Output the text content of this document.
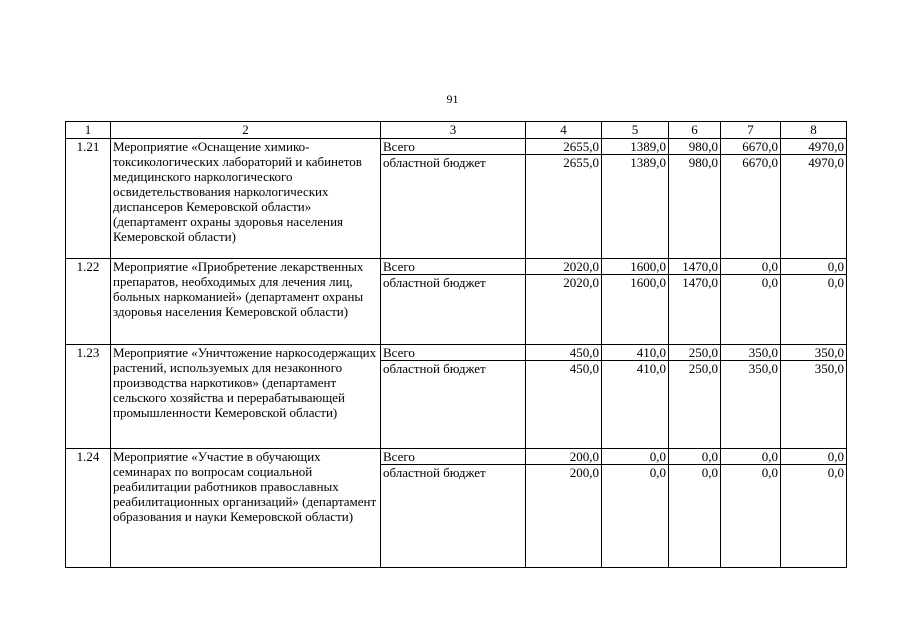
91
1	2	3	4	5	6	7	8
1.21	Мероприятие «Оснащение химико-токсикологических лабораторий и кабинетов медицинского наркологического освидетельствования наркологических диспансеров Кемеровской области» (департамент охраны здоровья населения Кемеровской области)	Всего	2655,0	1389,0	980,0	6670,0	4970,0
		областной бюджет	2655,0	1389,0	980,0	6670,0	4970,0
1.22	Мероприятие «Приобретение лекарственных препаратов, необходимых для лечения лиц, больных наркоманией» (департамент охраны здоровья населения Кемеровской области)	Всего	2020,0	1600,0	1470,0	0,0	0,0
		областной бюджет	2020,0	1600,0	1470,0	0,0	0,0
1.23	Мероприятие «Уничтожение наркосодержащих растений, используемых для незаконного производства наркотиков» (департамент сельского хозяйства и перерабатывающей промышленности Кемеровской области)	Всего	450,0	410,0	250,0	350,0	350,0
		областной бюджет	450,0	410,0	250,0	350,0	350,0
1.24	Мероприятие «Участие в обучающих семинарах по вопросам социальной реабилитации работников православных реабилитационных организаций» (департамент образования и науки Кемеровской области)	Всего	200,0	0,0	0,0	0,0	0,0
		областной бюджет	200,0	0,0	0,0	0,0	0,0
